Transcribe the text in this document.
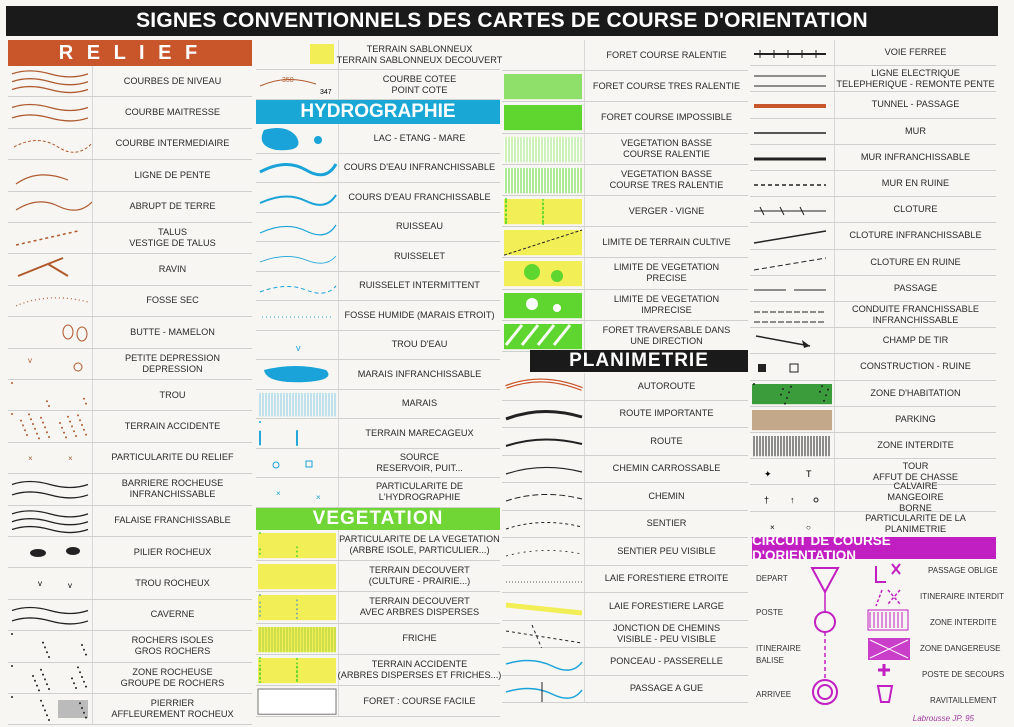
SIGNES CONVENTIONNELS DES CARTES DE COURSE D'ORIENTATION
R E L I E F
COURBES DE NIVEAU
COURBE MAITRESSE
COURBE INTERMEDIAIRE
LIGNE DE PENTE
ABRUPT DE TERRE
TALUS
VESTIGE DE TALUS
RAVIN
FOSSE SEC
BUTTE - MAMELON
v	PETITE DEPRESSION
DEPRESSION
TROU
TERRAIN ACCIDENTE
×	×	PARTICULARITE DU RELIEF
BARRIERE ROCHEUSE
INFRANCHISSABLE
FALAISE FRANCHISSABLE
PILIER ROCHEUX
v	v	TROU ROCHEUX
CAVERNE
ROCHERS ISOLES
GROS ROCHERS
ZONE ROCHEUSE
GROUPE DE ROCHERS
PIERRIER
AFFLEUREMENT ROCHEUX
TERRAIN SABLONNEUX
TERRAIN SABLONNEUX DECOUVERT
350
347
COURBE COTEE
POINT COTE
HYDROGRAPHIE
LAC - ETANG - MARE
COURS D'EAU INFRANCHISSABLE
COURS D'EAU FRANCHISSABLE
RUISSEAU
RUISSELET
RUISSELET INTERMITTENT
FOSSE HUMIDE (MARAIS ETROIT)
v	TROU D'EAU
MARAIS INFRANCHISSABLE
MARAIS
TERRAIN MARECAGEUX
SOURCE
RESERVOIR, PUIT...
×	×
PARTICULARITE DE
L'HYDROGRAPHIE
VEGETATION
PARTICULARITE DE LA VEGETATION
(ARBRE ISOLE, PARTICULIER...)
TERRAIN DECOUVERT
(CULTURE - PRAIRIE...)
TERRAIN DECOUVERT
AVEC ARBRES DISPERSES
FRICHE
TERRAIN ACCIDENTE
(ARBRES DISPERSES ET FRICHES...)
FORET : COURSE FACILE
FORET COURSE RALENTIE
FORET COURSE TRES RALENTIE
FORET COURSE IMPOSSIBLE
VEGETATION BASSE
COURSE RALENTIE
VEGETATION BASSE
COURSE TRES RALENTIE
VERGER - VIGNE
LIMITE DE TERRAIN CULTIVE
LIMITE DE VEGETATION
PRECISE
LIMITE DE VEGETATION
IMPRECISE
FORET TRAVERSABLE DANS
UNE DIRECTION
PLANIMETRIE
AUTOROUTE
ROUTE IMPORTANTE
ROUTE
CHEMIN CARROSSABLE
CHEMIN
SENTIER
SENTIER PEU VISIBLE
LAIE FORESTIERE ETROITE
LAIE FORESTIERE LARGE
JONCTION DE CHEMINS
VISIBLE - PEU VISIBLE
PONCEAU - PASSERELLE
PASSAGE A GUE
VOIE FERREE
LIGNE ELECTRIQUE
TELEPHERIQUE - REMONTE PENTE
TUNNEL - PASSAGE
MUR
MUR INFRANCHISSABLE
MUR EN RUINE
CLOTURE
CLOTURE INFRANCHISSABLE
CLOTURE EN RUINE
PASSAGE
CONDUITE FRANCHISSABLE
INFRANCHISSABLE
CHAMP DE TIR
CONSTRUCTION - RUINE
ZONE D'HABITATION
PARKING
ZONE INTERDITE
✦	T
TOUR
AFFUT DE CHASSE
† ↑
CALVAIRE
MANGEOIRE
BORNE
×	○
PARTICULARITE DE LA
PLANIMETRIE
CIRCUIT DE COURSE D'ORIENTATION
DEPART
POSTE
ITINERAIRE
BALISE
ARRIVEE
PASSAGE OBLIGE
ITINERAIRE INTERDIT
ZONE INTERDITE
ZONE DANGEREUSE
POSTE DE SECOURS
RAVITAILLEMENT
Labrousse JP. 95
